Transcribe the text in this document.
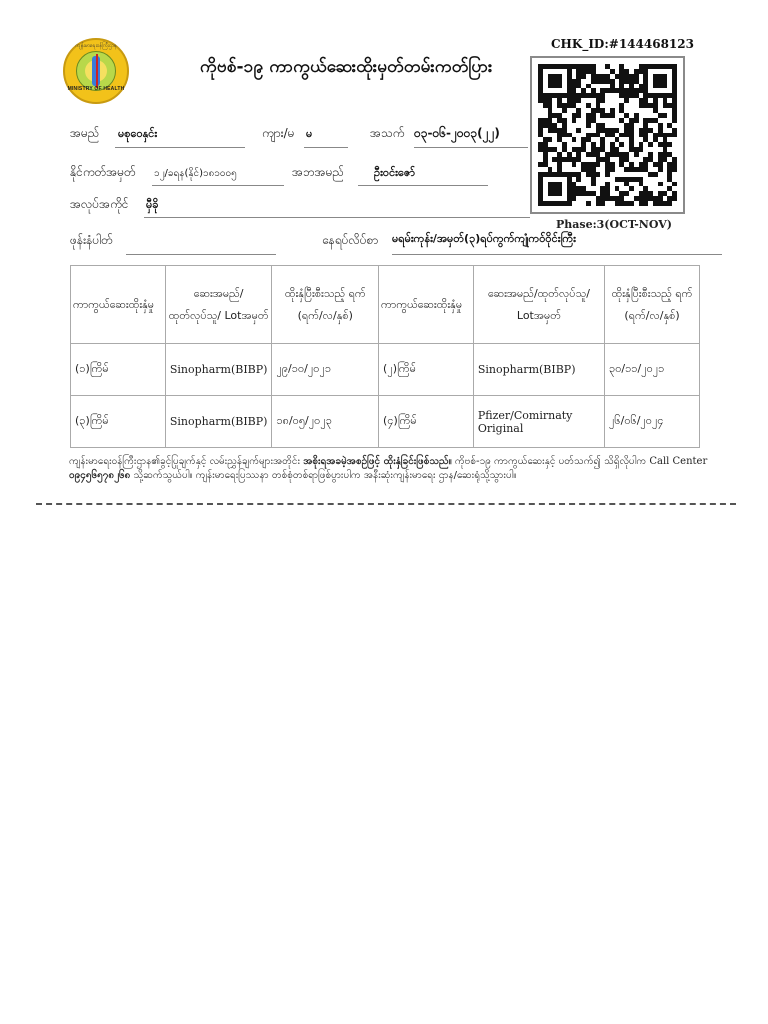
ကျန်းမာရေးဝန်ကြီးဌာန
MINISTRY OF HEALTH
ကိုဗစ်-၁၉ ကာကွယ်ဆေးထိုးမှတ်တမ်းကတ်ပြား
CHK_ID:#144468123
Phase:3(OCT-NOV)
အမည် မစုဝေနှင်း	ကျား/မ မ	အသက် ၀၃-၀၆-၂၀၀၃(၂၂)
နိုင်ကတ်အမှတ် ၁၂/ခရန(နိုင်)၁၈၁၀၀၅	အဘအမည်	ဦးဝင်းဇော်
အလုပ်အကိုင် မှီခို
ဖုန်းနံပါတ်	နေရပ်လိပ်စာ မရမ်းကုန်း/အမှတ်(၃)ရပ်ကွက်ကျုံကဝ်ဝိုင်းကြီး
ကာကွယ်ဆေးထိုးနှံမှု	ဆေးအမည်/ ထုတ်လုပ်သူ/ Lotအမှတ်	ထိုးနှံပြီးစီးသည့် ရက် (ရက်/လ/နှစ်)	ကာကွယ်ဆေးထိုးနှံမှု	ဆေးအမည်/ထုတ်လုပ်သူ/ Lotအမှတ်	ထိုးနှံပြီးစီးသည့် ရက် (ရက်/လ/နှစ်)
(၁)ကြိမ်	Sinopharm(BIBP)	၂၉/၁၀/၂၀၂၁	(၂)ကြိမ်	Sinopharm(BIBP)	၃၀/၁၁/၂၀၂၁
(၃)ကြိမ်	Sinopharm(BIBP)	၁၈/၀၅/၂၀၂၃	(၄)ကြိမ်	Pfizer/Comirnaty Original	၂၆/၀၆/၂၀၂၄
ကျန်းမာရေးဝန်ကြီးဌာန၏ခွင့်ပြုချက်နှင့် လမ်းညွှန်ချက်များအတိုင်း အစိုးရအခမဲ့အစဉ်ဖြင့် ထိုးနှံခြင်းဖြစ်သည်။ ကိုဗစ်-၁၉ ကာကွယ်ဆေးနှင့် ပတ်သက်၍ သိရှိလိုပါက Call Center ၀၉၄၅၆၅၇၈၂၆၈ သို့ဆက်သွယ်ပါ။ ကျန်းမာရေးပြဿနာ တစ်စုံတစ်ရာဖြစ်ပွားပါက အနီးဆုံးကျန်းမာရေး ဌာန/ဆေးရုံသို့သွားပါ။
